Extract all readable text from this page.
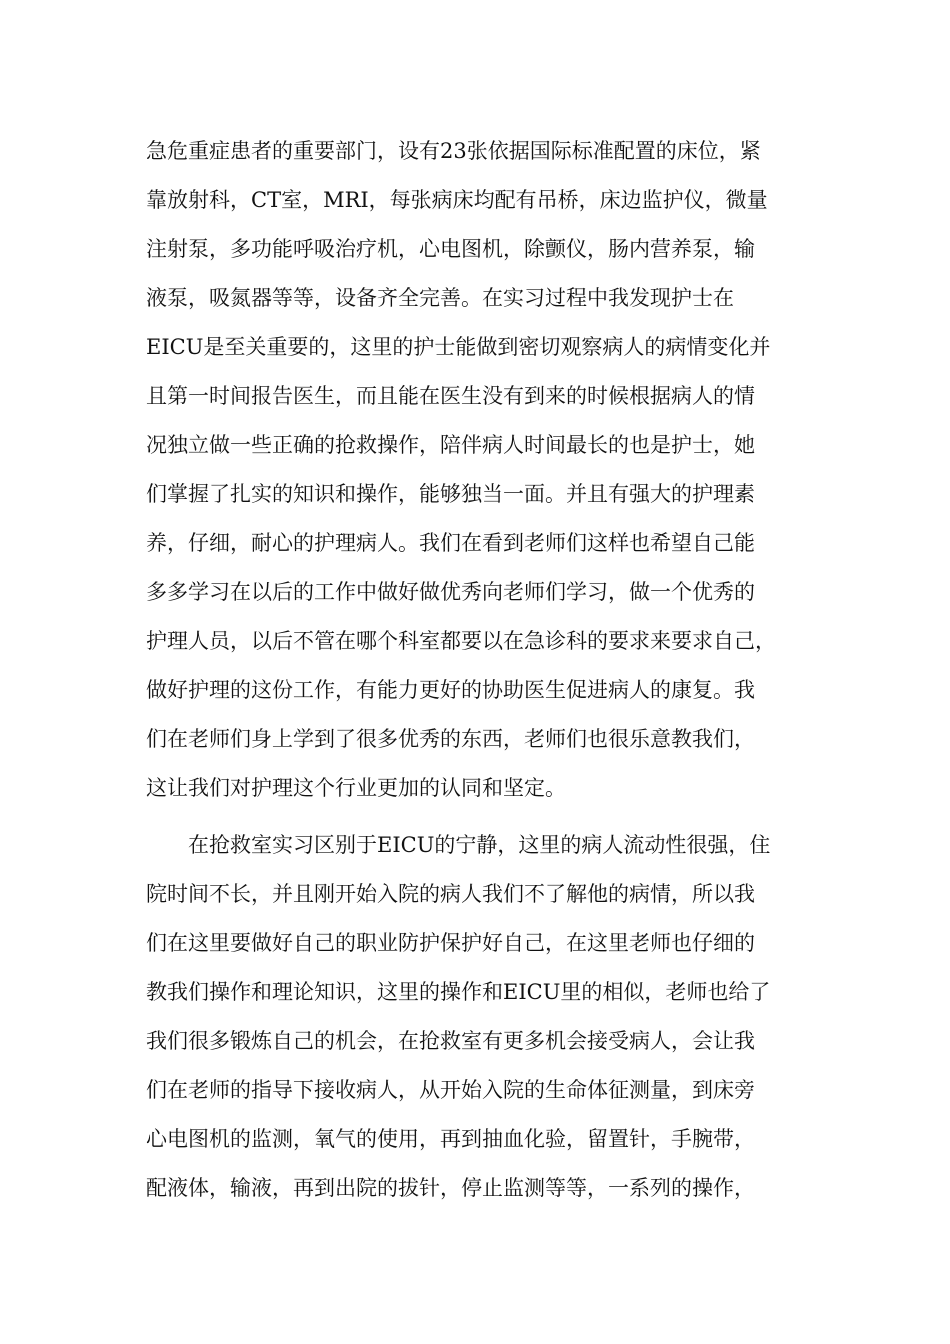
急危重症患者的重要部门，设有23张依据国际标准配置的床位，紧
靠放射科，CT室，MRI，每张病床均配有吊桥，床边监护仪，微量
注射泵，多功能呼吸治疗机，心电图机，除颤仪，肠内营养泵，输
液泵，吸氮器等等，设备齐全完善。在实习过程中我发现护士在
EICU是至关重要的，这里的护士能做到密切观察病人的病情变化并
且第一时间报告医生，而且能在医生没有到来的时候根据病人的情
况独立做一些正确的抢救操作，陪伴病人时间最长的也是护士，她
们掌握了扎实的知识和操作，能够独当一面。并且有强大的护理素
养，仔细，耐心的护理病人。我们在看到老师们这样也希望自己能
多多学习在以后的工作中做好做优秀向老师们学习，做一个优秀的
护理人员，以后不管在哪个科室都要以在急诊科的要求来要求自己，
做好护理的这份工作，有能力更好的协助医生促进病人的康复。我
们在老师们身上学到了很多优秀的东西，老师们也很乐意教我们，
这让我们对护理这个行业更加的认同和坚定。
在抢救室实习区别于EICU的宁静，这里的病人流动性很强，住
院时间不长，并且刚开始入院的病人我们不了解他的病情，所以我
们在这里要做好自己的职业防护保护好自己，在这里老师也仔细的
教我们操作和理论知识，这里的操作和EICU里的相似，老师也给了
我们很多锻炼自己的机会，在抢救室有更多机会接受病人，会让我
们在老师的指导下接收病人，从开始入院的生命体征测量，到床旁
心电图机的监测，氧气的使用，再到抽血化验，留置针，手腕带，
配液体，输液，再到出院的拔针，停止监测等等，一系列的操作，
